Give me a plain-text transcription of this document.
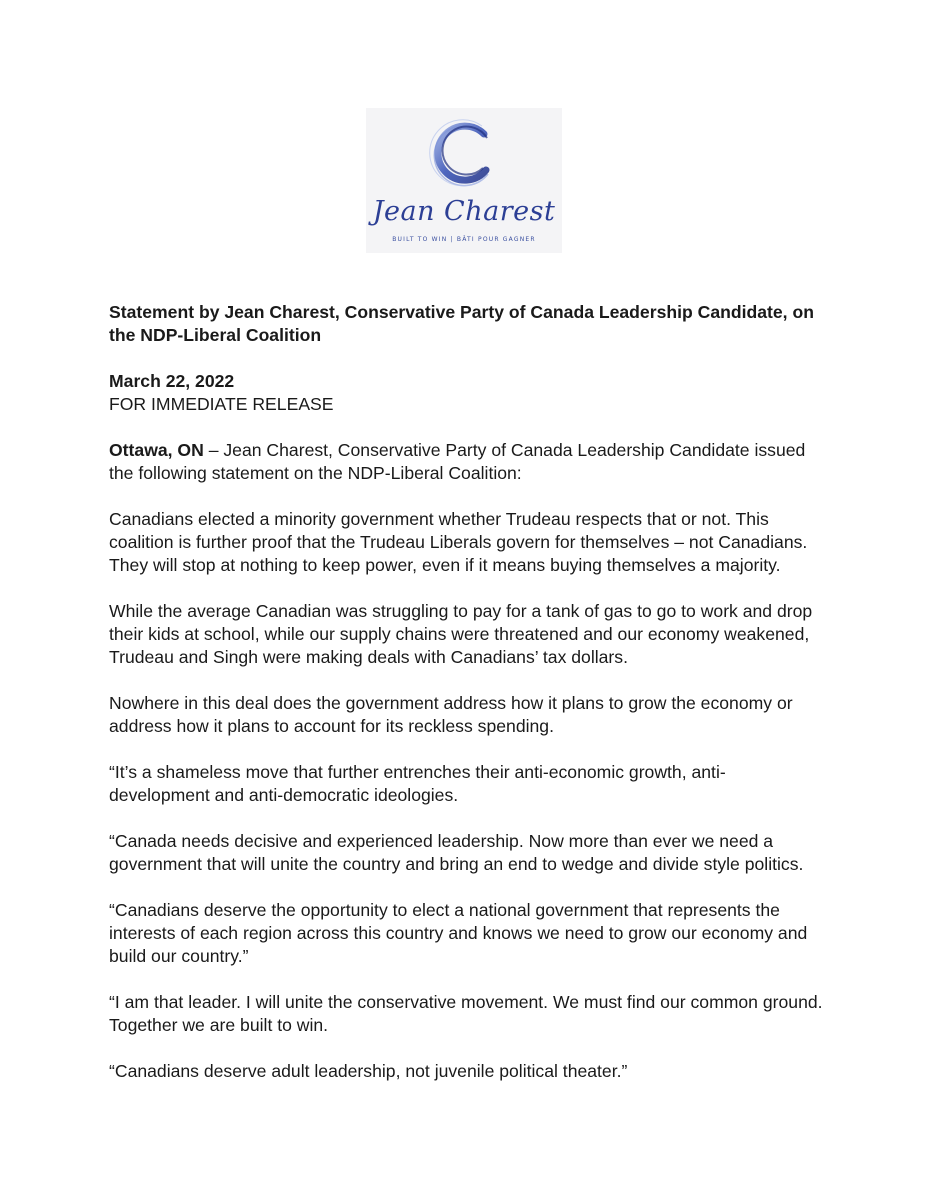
Jean Charest
BUILT TO WIN | BÂTI POUR GAGNER

Statement by Jean Charest, Conservative Party of Canada Leadership Candidate, on the NDP-Liberal Coalition

March 22, 2022
FOR IMMEDIATE RELEASE

Ottawa, ON – Jean Charest, Conservative Party of Canada Leadership Candidate issued the following statement on the NDP-Liberal Coalition:

Canadians elected a minority government whether Trudeau respects that or not. This coalition is further proof that the Trudeau Liberals govern for themselves – not Canadians. They will stop at nothing to keep power, even if it means buying themselves a majority.

While the average Canadian was struggling to pay for a tank of gas to go to work and drop their kids at school, while our supply chains were threatened and our economy weakened, Trudeau and Singh were making deals with Canadians’ tax dollars.

Nowhere in this deal does the government address how it plans to grow the economy or address how it plans to account for its reckless spending.

“It’s a shameless move that further entrenches their anti-economic growth, anti-development and anti-democratic ideologies.

“Canada needs decisive and experienced leadership. Now more than ever we need a government that will unite the country and bring an end to wedge and divide style politics.

“Canadians deserve the opportunity to elect a national government that represents the interests of each region across this country and knows we need to grow our economy and build our country.”

“I am that leader. I will unite the conservative movement. We must find our common ground. Together we are built to win.

“Canadians deserve adult leadership, not juvenile political theater.”
